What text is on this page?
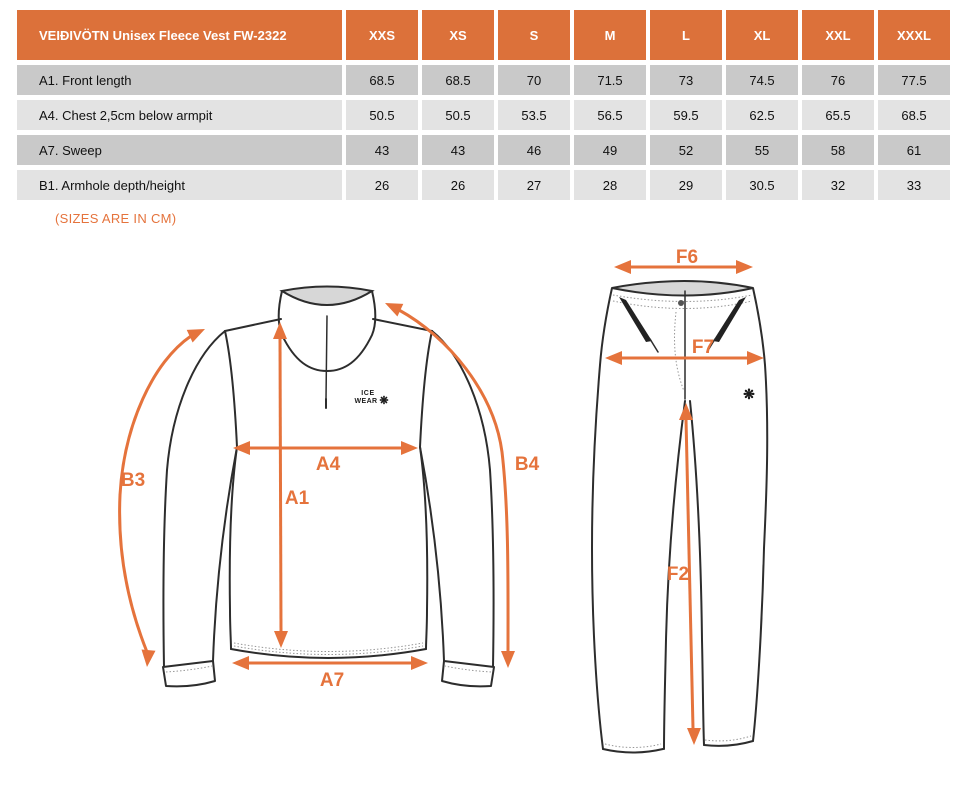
VEIÐIVÖTN Unisex Fleece Vest FW-2322	XXS	XS	S	M	L	XL	XXL	XXXL
A1. Front length	68.5	68.5	70	71.5	73	74.5	76	77.5
A4. Chest 2,5cm below armpit	50.5	50.5	53.5	56.5	59.5	62.5	65.5	68.5
A7. Sweep	43	43	46	49	52	55	58	61
B1. Armhole depth/height	26	26	27	28	29	30.5	32	33
(SIZES ARE IN CM)
ICE
WEAR ❋
A4
A1
A7
B3
B4
❋
F6
F7
F2
